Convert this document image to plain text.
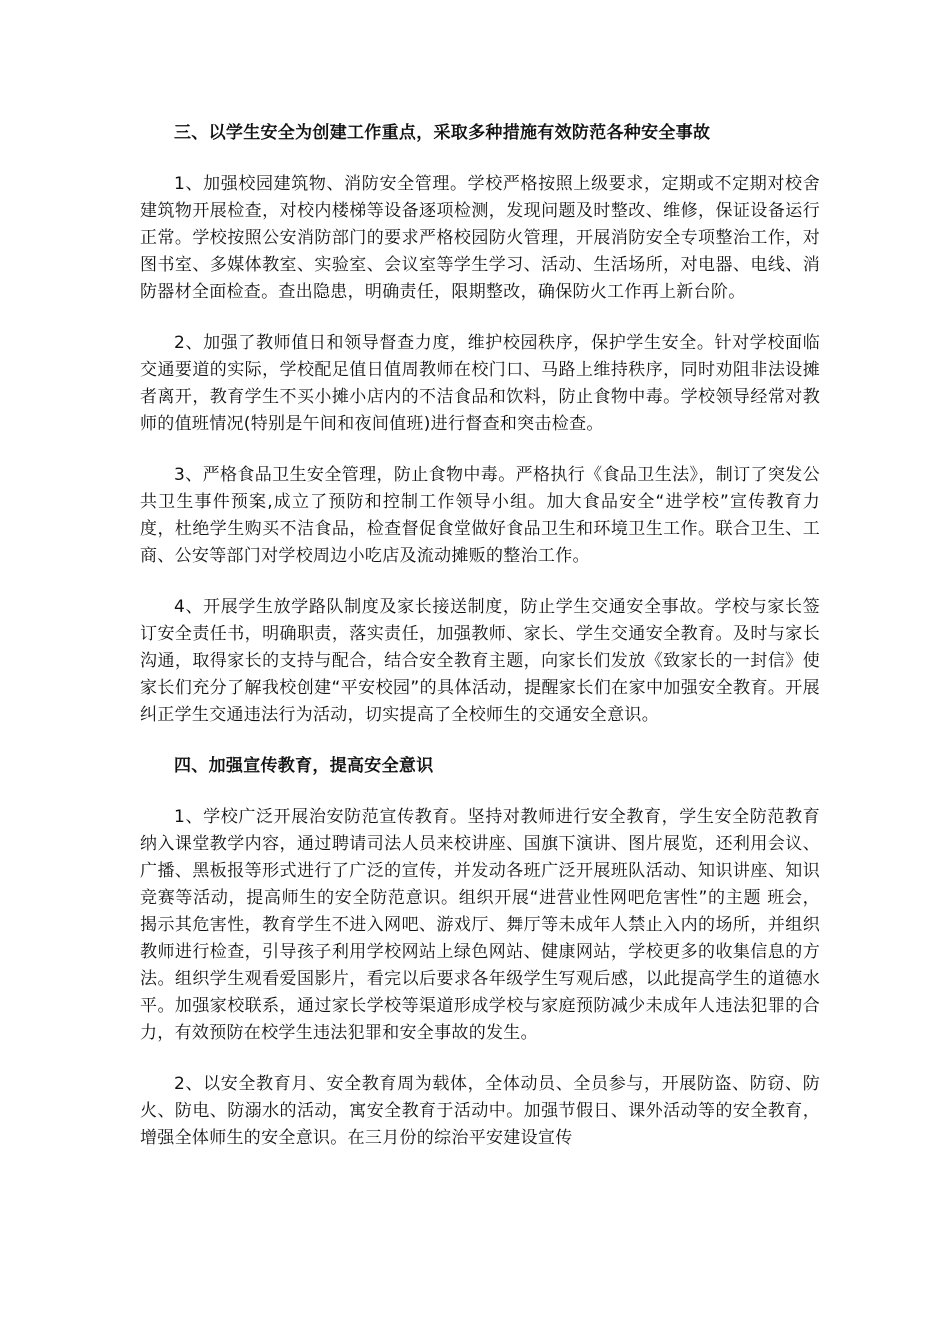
三、以学生安全为创建工作重点，采取多种措施有效防范各种安全事故

1、加强校园建筑物、消防安全管理。学校严格按照上级要求，定期或不定期对校舍建筑物开展检查，对校内楼梯等设备逐项检测，发现问题及时整改、维修，保证设备运行正常。学校按照公安消防部门的要求严格校园防火管理，开展消防安全专项整治工作，对图书室、多媒体教室、实验室、会议室等学生学习、活动、生活场所，对电器、电线、消防器材全面检查。查出隐患，明确责任，限期整改，确保防火工作再上新台阶。

2、加强了教师值日和领导督查力度，维护校园秩序，保护学生安全。针对学校面临交通要道的实际，学校配足值日值周教师在校门口、马路上维持秩序，同时劝阻非法设摊者离开，教育学生不买小摊小店内的不洁食品和饮料，防止食物中毒。学校领导经常对教师的值班情况(特别是午间和夜间值班)进行督查和突击检查。

3、严格食品卫生安全管理，防止食物中毒。严格执行《食品卫生法》，制订了突发公共卫生事件预案,成立了预防和控制工作领导小组。加大食品安全“进学校”宣传教育力度，杜绝学生购买不洁食品，检查督促食堂做好食品卫生和环境卫生工作。联合卫生、工商、公安等部门对学校周边小吃店及流动摊贩的整治工作。

4、开展学生放学路队制度及家长接送制度，防止学生交通安全事故。学校与家长签订安全责任书，明确职责，落实责任，加强教师、家长、学生交通安全教育。及时与家长沟通，取得家长的支持与配合，结合安全教育主题，向家长们发放《致家长的一封信》使家长们充分了解我校创建“平安校园”的具体活动，提醒家长们在家中加强安全教育。开展纠正学生交通违法行为活动，切实提高了全校师生的交通安全意识。

四、加强宣传教育，提高安全意识

1、学校广泛开展治安防范宣传教育。坚持对教师进行安全教育，学生安全防范教育纳入课堂教学内容，通过聘请司法人员来校讲座、国旗下演讲、图片展览，还利用会议、广播、黑板报等形式进行了广泛的宣传，并发动各班广泛开展班队活动、知识讲座、知识竞赛等活动，提高师生的安全防范意识。组织开展“进营业性网吧危害性”的主题 班会，揭示其危害性，教育学生不进入网吧、游戏厅、舞厅等未成年人禁止入内的场所，并组织教师进行检查，引导孩子利用学校网站上绿色网站、健康网站，学校更多的收集信息的方法。组织学生观看爱国影片，看完以后要求各年级学生写观后感，以此提高学生的道德水平。加强家校联系，通过家长学校等渠道形成学校与家庭预防减少未成年人违法犯罪的合力，有效预防在校学生违法犯罪和安全事故的发生。

2、以安全教育月、安全教育周为载体，全体动员、全员参与，开展防盗、防窃、防火、防电、防溺水的活动，寓安全教育于活动中。加强节假日、课外活动等的安全教育，增强全体师生的安全意识。在三月份的综治平安建设宣传
